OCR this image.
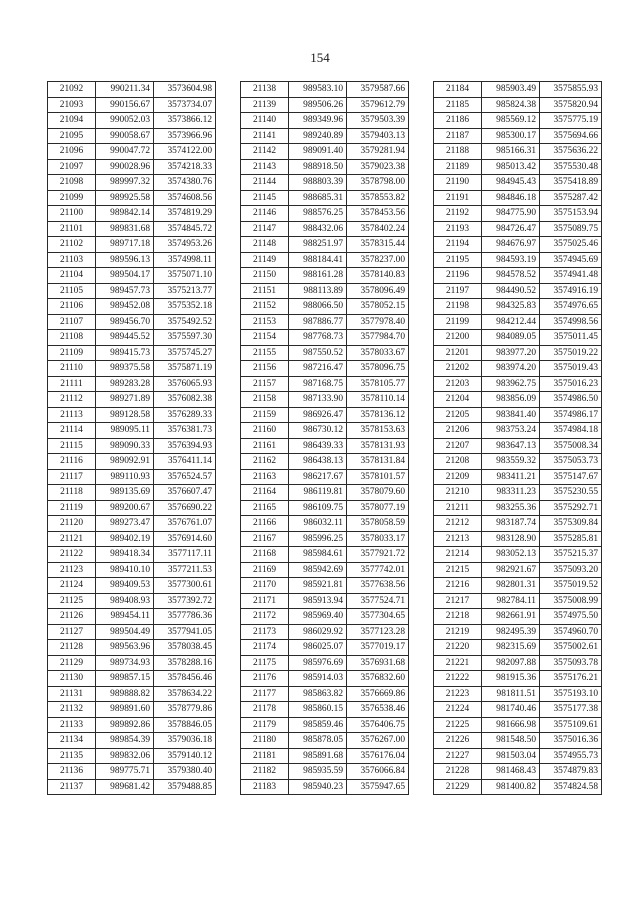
154
21092	990211.34	3573604.98
21093	990156.67	3573734.07
21094	990052.03	3573866.12
21095	990058.67	3573966.96
21096	990047.72	3574122.00
21097	990028.96	3574218.33
21098	989997.32	3574380.76
21099	989925.58	3574608.56
21100	989842.14	3574819.29
21101	989831.68	3574845.72
21102	989717.18	3574953.26
21103	989596.13	3574998.11
21104	989504.17	3575071.10
21105	989457.73	3575213.77
21106	989452.08	3575352.18
21107	989456.70	3575492.52
21108	989445.52	3575597.30
21109	989415.73	3575745.27
21110	989375.58	3575871.19
21111	989283.28	3576065.93
21112	989271.89	3576082.38
21113	989128.58	3576289.33
21114	989095.11	3576381.73
21115	989090.33	3576394.93
21116	989092.91	3576411.14
21117	989110.93	3576524.57
21118	989135.69	3576607.47
21119	989200.67	3576690.22
21120	989273.47	3576761.07
21121	989402.19	3576914.60
21122	989418.34	3577117.11
21123	989410.10	3577211.53
21124	989409.53	3577300.61
21125	989408.93	3577392.72
21126	989454.11	3577786.36
21127	989504.49	3577941.05
21128	989563.96	3578038.45
21129	989734.93	3578288.16
21130	989857.15	3578456.46
21131	989888.82	3578634.22
21132	989891.60	3578779.86
21133	989892.86	3578846.05
21134	989854.39	3579036.18
21135	989832.06	3579140.12
21136	989775.71	3579380.40
21137	989681.42	3579488.85
21138	989583.10	3579587.66
21139	989506.26	3579612.79
21140	989349.96	3579503.39
21141	989240.89	3579403.13
21142	989091.40	3579281.94
21143	988918.50	3579023.38
21144	988803.39	3578798.00
21145	988685.31	3578553.82
21146	988576.25	3578453.56
21147	988432.06	3578402.24
21148	988251.97	3578315.44
21149	988184.41	3578237.00
21150	988161.28	3578140.83
21151	988113.89	3578096.49
21152	988066.50	3578052.15
21153	987886.77	3577978.40
21154	987768.73	3577984.70
21155	987550.52	3578033.67
21156	987216.47	3578096.75
21157	987168.75	3578105.77
21158	987133.90	3578110.14
21159	986926.47	3578136.12
21160	986730.12	3578153.63
21161	986439.33	3578131.93
21162	986438.13	3578131.84
21163	986217.67	3578101.57
21164	986119.81	3578079.60
21165	986109.75	3578077.19
21166	986032.11	3578058.59
21167	985996.25	3578033.17
21168	985984.61	3577921.72
21169	985942.69	3577742.01
21170	985921.81	3577638.56
21171	985913.94	3577524.71
21172	985969.40	3577304.65
21173	986029.92	3577123.28
21174	986025.07	3577019.17
21175	985976.69	3576931.68
21176	985914.03	3576832.60
21177	985863.82	3576669.86
21178	985860.15	3576538.46
21179	985859.46	3576406.75
21180	985878.05	3576267.00
21181	985891.68	3576176.04
21182	985935.59	3576066.84
21183	985940.23	3575947.65
21184	985903.49	3575855.93
21185	985824.38	3575820.94
21186	985569.12	3575775.19
21187	985300.17	3575694.66
21188	985166.31	3575636.22
21189	985013.42	3575530.48
21190	984945.43	3575418.89
21191	984846.18	3575287.42
21192	984775.90	3575153.94
21193	984726.47	3575089.75
21194	984676.97	3575025.46
21195	984593.19	3574945.69
21196	984578.52	3574941.48
21197	984490.52	3574916.19
21198	984325.83	3574976.65
21199	984212.44	3574998.56
21200	984089.05	3575011.45
21201	983977.20	3575019.22
21202	983974.20	3575019.43
21203	983962.75	3575016.23
21204	983856.09	3574986.50
21205	983841.40	3574986.17
21206	983753.24	3574984.18
21207	983647.13	3575008.34
21208	983559.32	3575053.73
21209	983411.21	3575147.67
21210	983311.23	3575230.55
21211	983255.36	3575292.71
21212	983187.74	3575309.84
21213	983128.90	3575285.81
21214	983052.13	3575215.37
21215	982921.67	3575093.20
21216	982801.31	3575019.52
21217	982784.11	3575008.99
21218	982661.91	3574975.50
21219	982495.39	3574960.70
21220	982315.69	3575002.61
21221	982097.88	3575093.78
21222	981915.36	3575176.21
21223	981811.51	3575193.10
21224	981740.46	3575177.38
21225	981666.98	3575109.61
21226	981548.50	3575016.36
21227	981503.04	3574955.73
21228	981468.43	3574879.83
21229	981400.82	3574824.58
